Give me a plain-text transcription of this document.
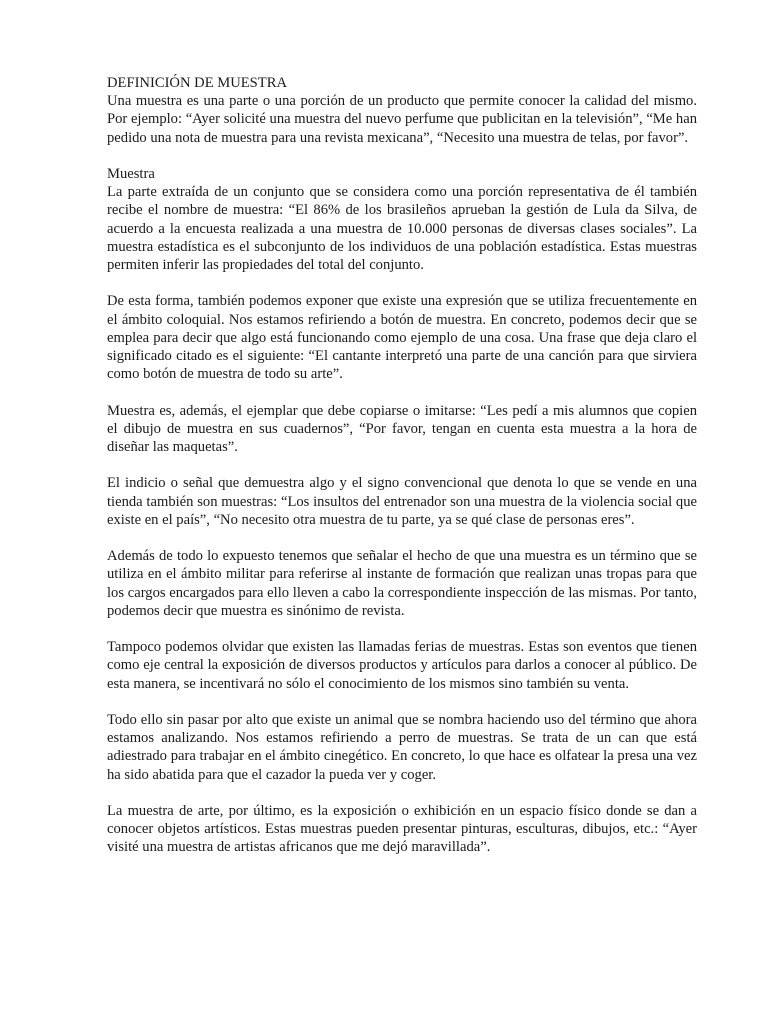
DEFINICIÓN DE MUESTRA

Una muestra es una parte o una porción de un producto que permite conocer la calidad del mismo. Por ejemplo: “Ayer solicité una muestra del nuevo perfume que publicitan en la televisión”, “Me han pedido una nota de muestra para una revista mexicana”, “Necesito una muestra de telas, por favor”.

Muestra

La parte extraída de un conjunto que se considera como una porción representativa de él también recibe el nombre de muestra: “El 86% de los brasileños aprueban la gestión de Lula da Silva, de acuerdo a la encuesta realizada a una muestra de 10.000 personas de diversas clases sociales”. La muestra estadística es el subconjunto de los individuos de una población estadística. Estas muestras permiten inferir las propiedades del total del conjunto.

De esta forma, también podemos exponer que existe una expresión que se utiliza frecuentemente en el ámbito coloquial. Nos estamos refiriendo a botón de muestra. En concreto, podemos decir que se emplea para decir que algo está funcionando como ejemplo de una cosa. Una frase que deja claro el significado citado es el siguiente: “El cantante interpretó una parte de una canción para que sirviera como botón de muestra de todo su arte”.

Muestra es, además, el ejemplar que debe copiarse o imitarse: “Les pedí a mis alumnos que copien el dibujo de muestra en sus cuadernos”, “Por favor, tengan en cuenta esta muestra a la hora de diseñar las maquetas”.

El indicio o señal que demuestra algo y el signo convencional que denota lo que se vende en una tienda también son muestras: “Los insultos del entrenador son una muestra de la violencia social que existe en el país”, “No necesito otra muestra de tu parte, ya se qué clase de personas eres”.

Además de todo lo expuesto tenemos que señalar el hecho de que una muestra es un término que se utiliza en el ámbito militar para referirse al instante de formación que realizan unas tropas para que los cargos encargados para ello lleven a cabo la correspondiente inspección de las mismas. Por tanto, podemos decir que muestra es sinónimo de revista.

Tampoco podemos olvidar que existen las llamadas ferias de muestras. Estas son eventos que tienen como eje central la exposición de diversos productos y artículos para darlos a conocer al público. De esta manera, se incentivará no sólo el conocimiento de los mismos sino también su venta.

Todo ello sin pasar por alto que existe un animal que se nombra haciendo uso del término que ahora estamos analizando. Nos estamos refiriendo a perro de muestras. Se trata de un can que está adiestrado para trabajar en el ámbito cinegético. En concreto, lo que hace es olfatear la presa una vez ha sido abatida para que el cazador la pueda ver y coger.

La muestra de arte, por último, es la exposición o exhibición en un espacio físico donde se dan a conocer objetos artísticos. Estas muestras pueden presentar pinturas, esculturas, dibujos, etc.: “Ayer visité una muestra de artistas africanos que me dejó maravillada”.
